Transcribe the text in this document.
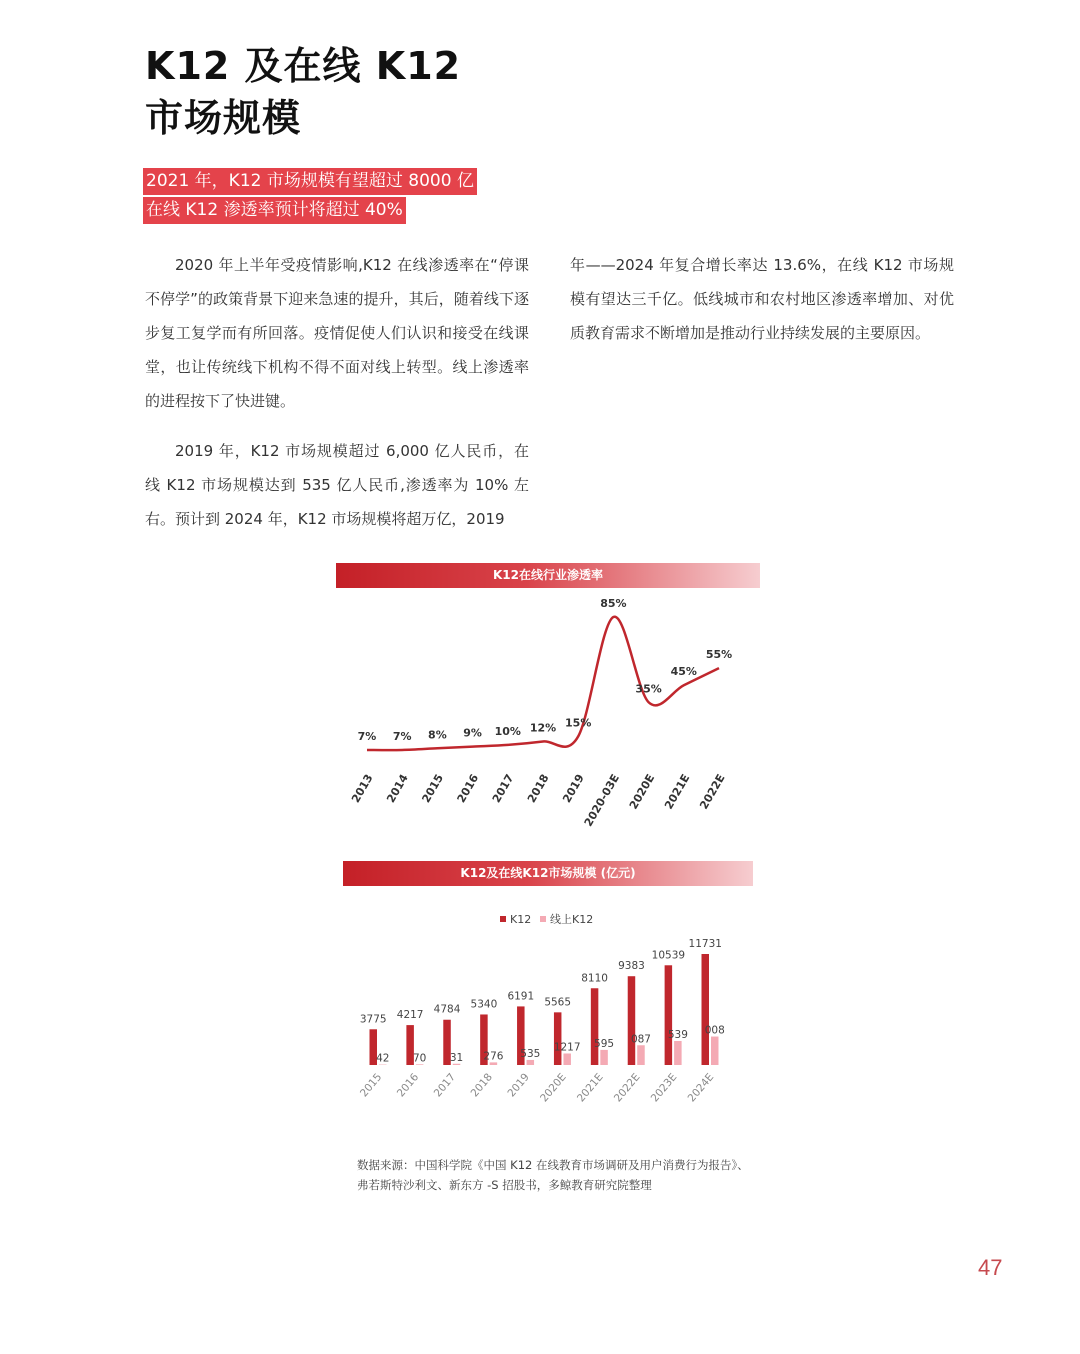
K12 及在线 K12
市场规模
2021 年，K12 市场规模有望超过 8000 亿
在线 K12 渗透率预计将超过 40%

2020 年上半年受疫情影响,K12 在线渗透率在“停课不停学”的政策背景下迎来急速的提升，其后，随着线下逐步复工复学而有所回落。疫情促使人们认识和接受在线课堂，也让传统线下机构不得不面对线上转型。线上渗透率的进程按下了快进键。

2019 年，K12 市场规模超过 6,000 亿人民币，在线 K12 市场规模达到 535 亿人民币,渗透率为 10% 左右。预计到 2024 年，K12 市场规模将超万亿，2019

年——2024 年复合增长率达 13.6%，在线 K12 市场规模有望达三千亿。低线城市和农村地区渗透率增加、对优质教育需求不断增加是推动行业持续发展的主要原因。

K12在线行业渗透率
7% 7% 8% 9% 10% 12% 15%
85%
35%
45%
55%
2013 2014 2015 2016 2017 2018 2019
2020-03E 2020E 2021E 2022E
K12及在线K12市场规模 (亿元)
K12 线上K12
3775
42
2015
4217
70
2016
4784
31
2017
5340
276
2018
6191
535
2019
5565
1217
2020E
8110
595
2021E
9383
087
2022E
10539
539
2023E
11731
008
2024E
数据来源：中国科学院《中国 K12 在线教育市场调研及用户消费行为报告》、弗若斯特沙利文、新东方 -S 招股书，多鲸教育研究院整理
47
